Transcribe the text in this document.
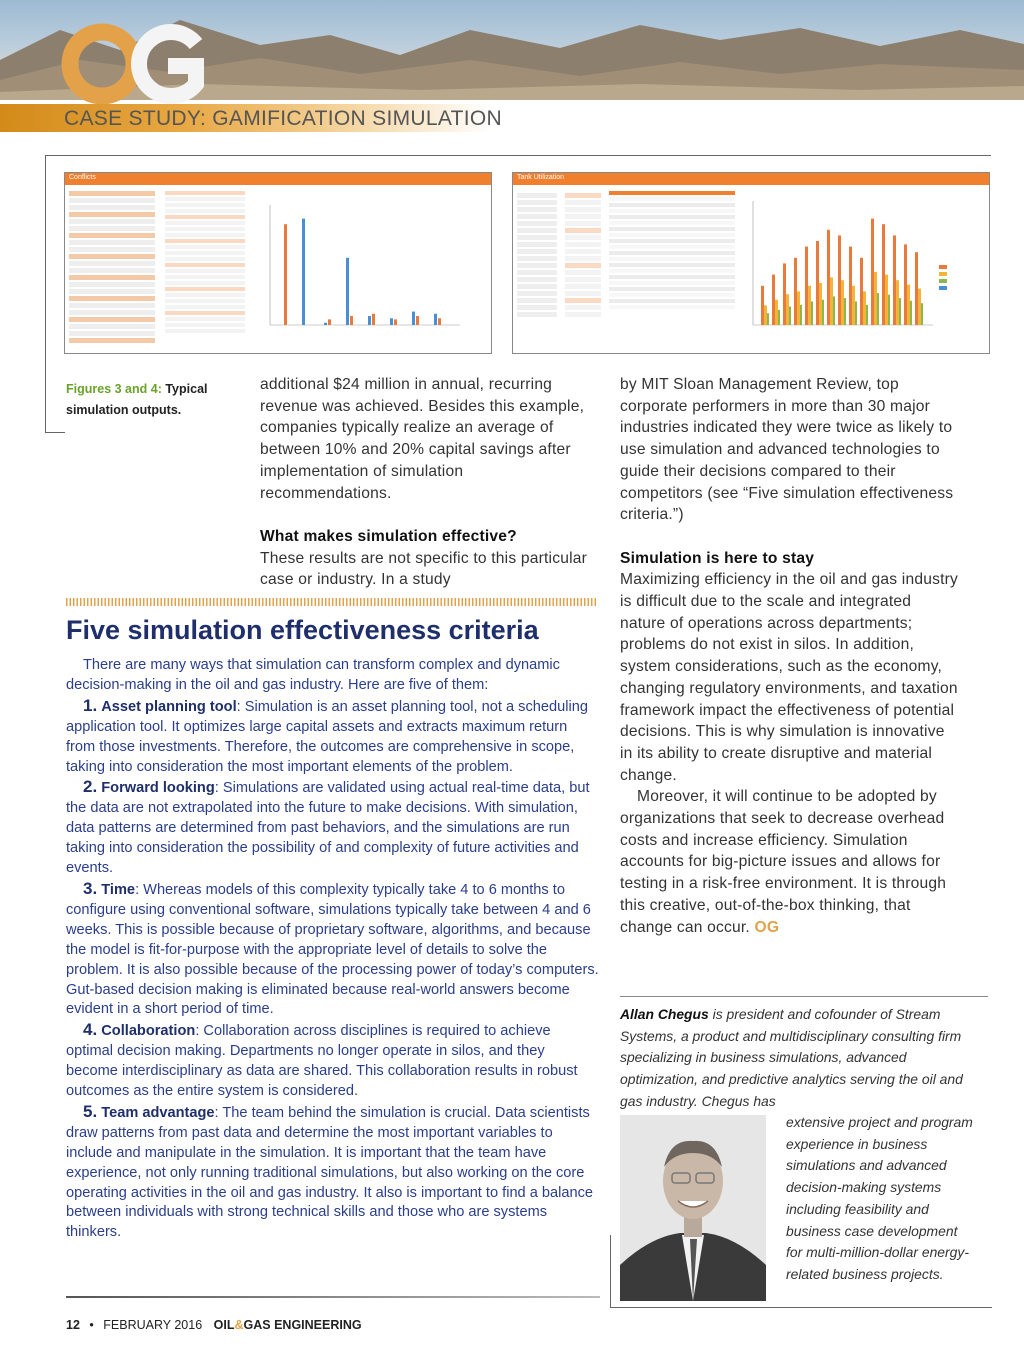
CASE STUDY: GAMIFICATION SIMULATION
Conflicts	Tank Utilization
Figures 3 and 4: Typical simulation outputs.

additional $24 million in annual, recurring revenue was achieved. Besides this example, companies typically realize an average of between 10% and 20% capital savings after implementation of simulation recommendations.

What makes simulation effective?

These results are not specific to this particular case or industry. In a study

by MIT Sloan Management Review, top corporate performers in more than 30 major industries indicated they were twice as likely to use simulation and advanced technologies to guide their decisions compared to their competitors (see “Five simulation effectiveness criteria.”)

Simulation is here to stay

Maximizing efficiency in the oil and gas industry is difficult due to the scale and integrated nature of operations across departments; problems do not exist in silos. In addition, system considerations, such as the economy, changing regulatory environments, and taxation framework impact the effectiveness of potential decisions. This is why simulation is innovative in its ability to create disruptive and material change.

Moreover, it will continue to be adopted by organizations that seek to decrease overhead costs and increase efficiency. Simulation accounts for big-picture issues and allows for testing in a risk-free environment. It is through this creative, out-of-the-box thinking, that change can occur. OG

Five simulation effectiveness criteria

There are many ways that simulation can transform complex and dynamic decision-making in the oil and gas industry. Here are five of them:

1. Asset planning tool: Simulation is an asset planning tool, not a scheduling application tool. It optimizes large capital assets and extracts maximum return from those investments. Therefore, the outcomes are comprehensive in scope, taking into consideration the most important elements of the problem.

2. Forward looking: Simulations are validated using actual real-time data, but the data are not extrapolated into the future to make decisions. With simulation, data patterns are determined from past behaviors, and the simulations are run taking into consideration the possibility of and complexity of future activities and events.

3. Time: Whereas models of this complexity typically take 4 to 6 months to configure using conventional software, simulations typically take between 4 and 6 weeks. This is possible because of proprietary software, algorithms, and because the model is fit-for-purpose with the appropriate level of details to solve the problem. It is also possible because of the processing power of today’s computers. Gut-based decision making is eliminated because real-world answers become evident in a short period of time.

4. Collaboration: Collaboration across disciplines is required to achieve optimal decision making. Departments no longer operate in silos, and they become interdisciplinary as data are shared. This collaboration results in robust outcomes as the entire system is considered.

5. Team advantage: The team behind the simulation is crucial. Data scientists draw patterns from past data and determine the most important variables to include and manipulate in the simulation. It is important that the team have experience, not only running traditional simulations, but also working on the core operating activities in the oil and gas industry. It also is important to find a balance between individuals with strong technical skills and those who are systems thinkers.

Allan Chegus is president and cofounder of Stream Systems, a product and multidisciplinary consulting firm specializing in business simulations, advanced optimization, and predictive analytics serving the oil and gas industry. Chegus has
extensive project and program experience in business simulations and advanced decision-making systems including feasibility and business case development for multi-million-dollar energy-related business projects.
12 • FEBRUARY 2016 OIL&GAS ENGINEERING
